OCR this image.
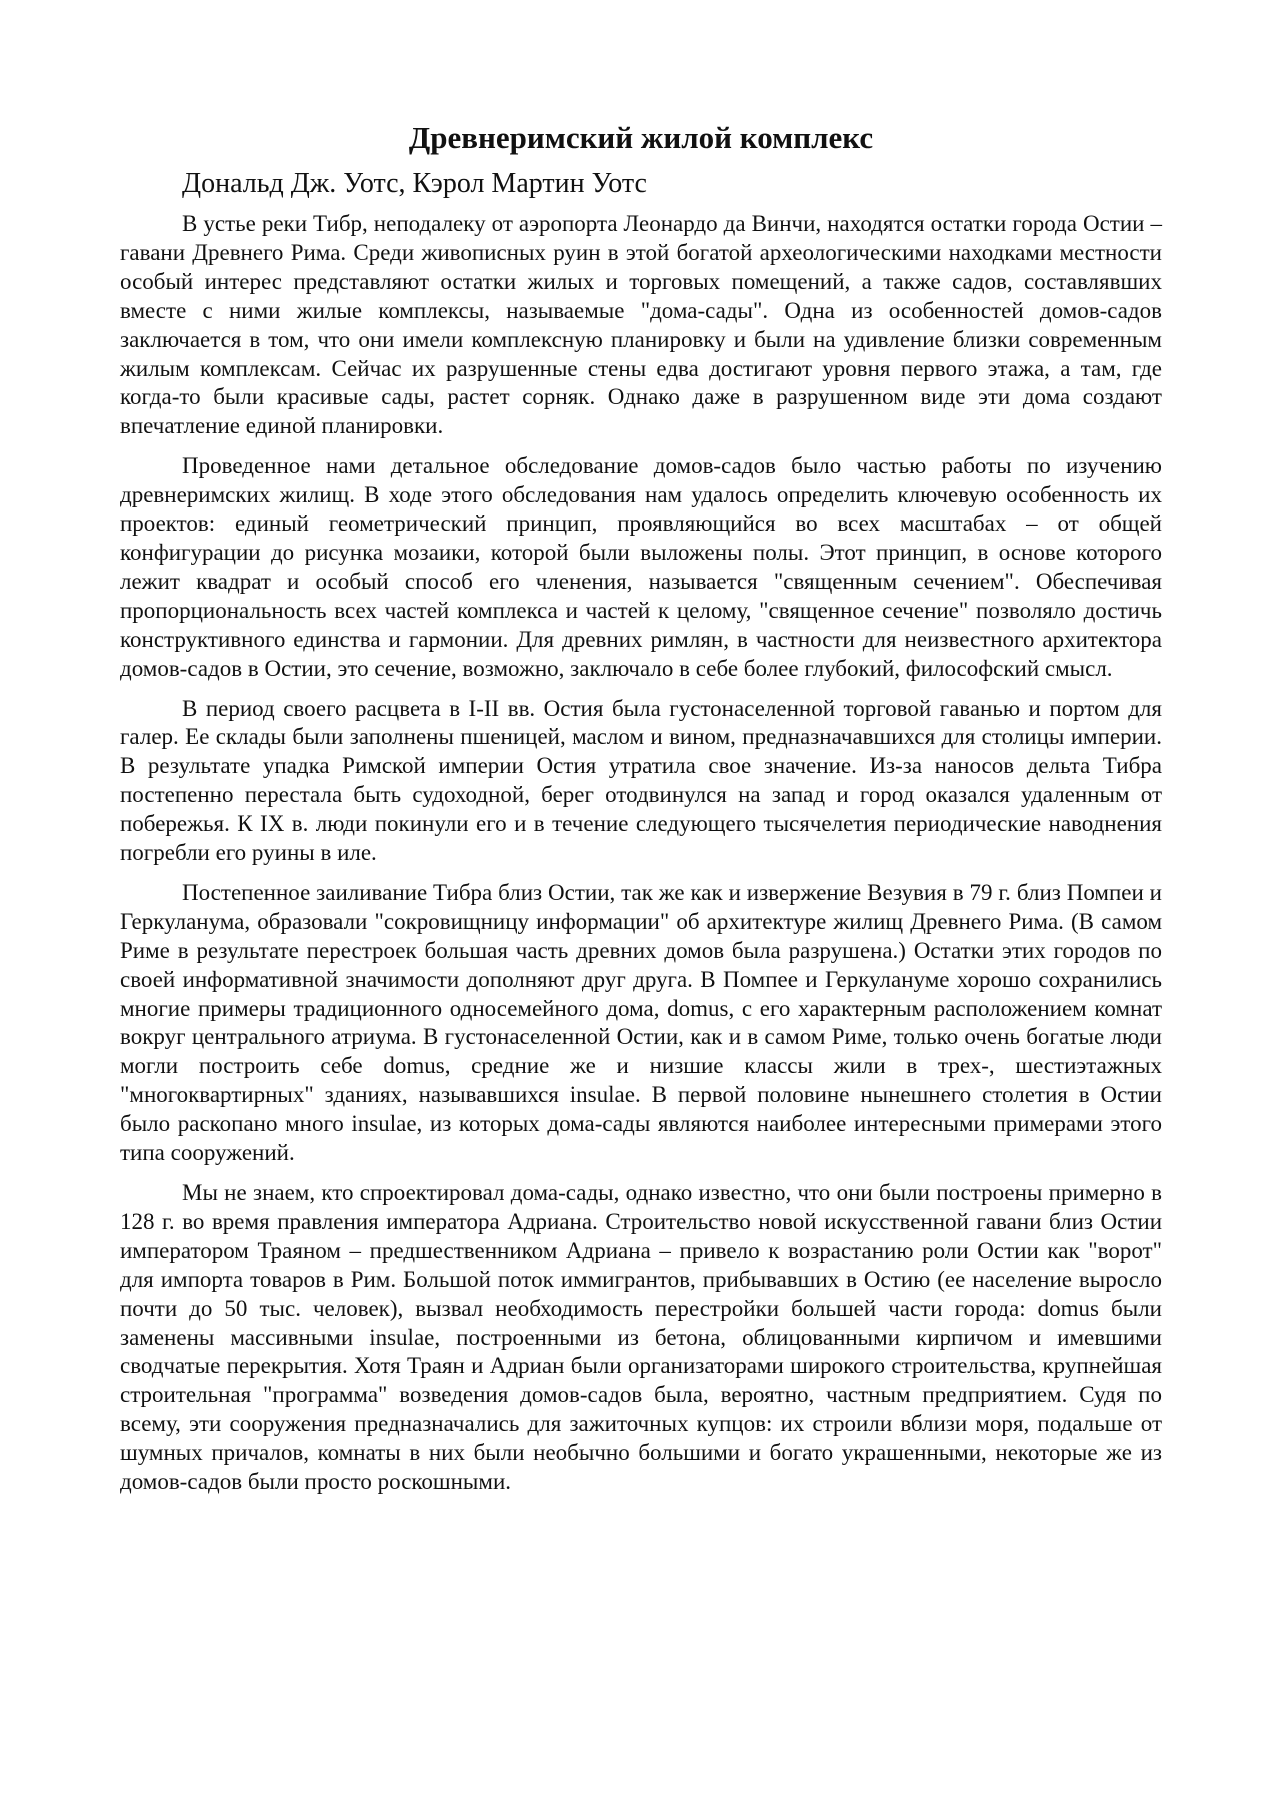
Древнеримский жилой комплекс
Дональд Дж. Уотс, Кэрол Мартин Уотс

В устье реки Тибр, неподалеку от аэропорта Леонардо да Винчи, находятся остатки города Остии – гавани Древнего Рима. Среди живописных руин в этой богатой археологическими находками местности особый интерес представляют остатки жилых и торговых помещений, а также садов, составлявших вместе с ними жилые комплексы, называемые "дома-сады". Одна из особенностей домов-садов заключается в том, что они имели комплексную планировку и были на удивление близки современным жилым комплексам. Сейчас их разрушенные стены едва достигают уровня первого этажа, а там, где когда-то были красивые сады, растет сорняк. Однако даже в разрушенном виде эти дома создают впечатление единой планировки.

Проведенное нами детальное обследование домов-садов было частью работы по изучению древнеримских жилищ. В ходе этого обследования нам удалось определить ключевую особенность их проектов: единый геометрический принцип, проявляющийся во всех масштабах – от общей конфигурации до рисунка мозаики, которой были выложены полы. Этот принцип, в основе которого лежит квадрат и особый способ его членения, называется "священным сечением". Обеспечивая пропорциональность всех частей комплекса и частей к целому, "священное сечение" позволяло достичь конструктивного единства и гармонии. Для древних римлян, в частности для неизвестного архитектора домов-садов в Остии, это сечение, возможно, заключало в себе более глубокий, философский смысл.

В период своего расцвета в I-II вв. Остия была густонаселенной торговой гаванью и портом для галер. Ее склады были заполнены пшеницей, маслом и вином, предназначавшихся для столицы империи. В результате упадка Римской империи Остия утратила свое значение. Из-за наносов дельта Тибра постепенно перестала быть судоходной, берег отодвинулся на запад и город оказался удаленным от побережья. К IX в. люди покинули его и в течение следующего тысячелетия периодические наводнения погребли его руины в иле.

Постепенное заиливание Тибра близ Остии, так же как и извержение Везувия в 79 г. близ Помпеи и Геркуланума, образовали "сокровищницу информации" об архитектуре жилищ Древнего Рима. (В самом Риме в результате перестроек большая часть древних домов была разрушена.) Остатки этих городов по своей информативной значимости дополняют друг друга. В Помпее и Геркулануме хорошо сохранились многие примеры традиционного односемейного дома, domus, с его характерным расположением комнат вокруг центрального атриума. В густонаселенной Остии, как и в самом Риме, только очень богатые люди могли построить себе domus, средние же и низшие классы жили в трех-, шестиэтажных "многоквартирных" зданиях, называвшихся insulae. В первой половине нынешнего столетия в Остии было раскопано много insulae, из которых дома-сады являются наиболее интересными примерами этого типа сооружений.

Мы не знаем, кто спроектировал дома-сады, однако известно, что они были построены примерно в 128 г. во время правления императора Адриана. Строительство новой искусственной гавани близ Остии императором Траяном – предшественником Адриана – привело к возрастанию роли Остии как "ворот" для импорта товаров в Рим. Большой поток иммигрантов, прибывавших в Остию (ее население выросло почти до 50 тыс. человек), вызвал необходимость перестройки большей части города: domus были заменены массивными insulae, построенными из бетона, облицованными кирпичом и имевшими сводчатые перекрытия. Хотя Траян и Адриан были организаторами широкого строительства, крупнейшая строительная "программа" возведения домов-садов была, вероятно, частным предприятием. Судя по всему, эти сооружения предназначались для зажиточных купцов: их строили вблизи моря, подальше от шумных причалов, комнаты в них были необычно большими и богато украшенными, некоторые же из домов-садов были просто роскошными.
